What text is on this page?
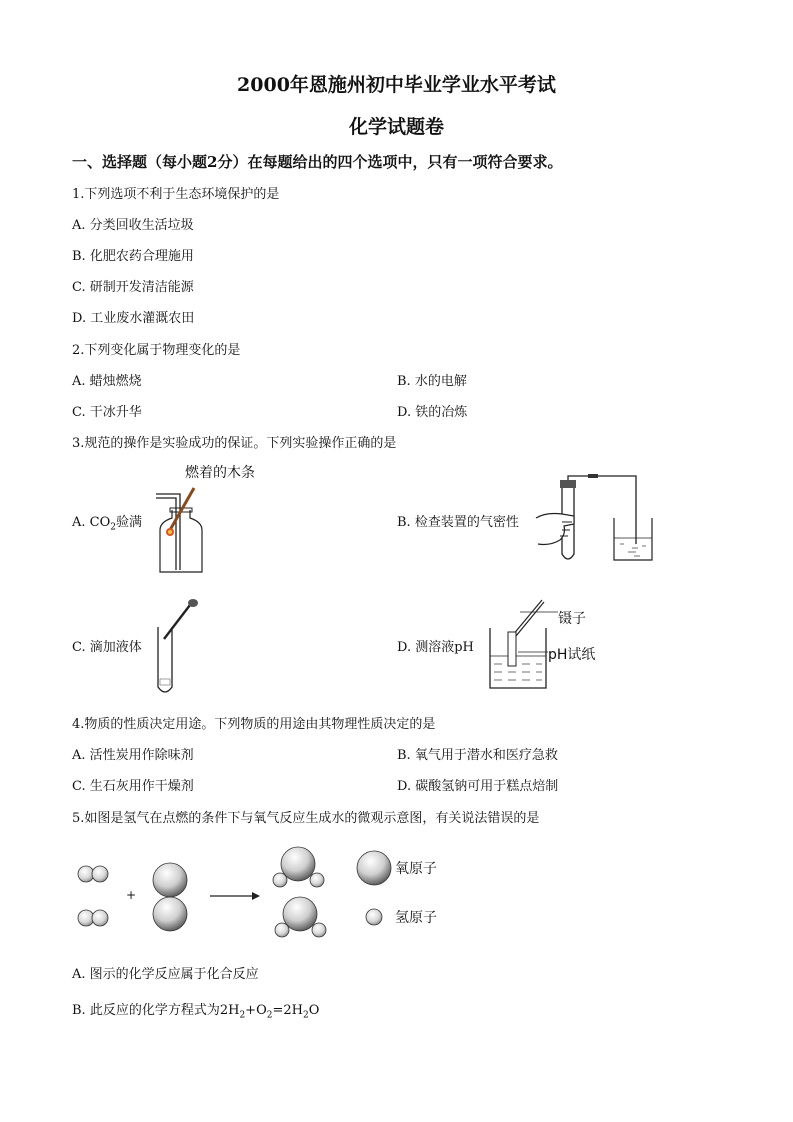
2000年恩施州初中毕业学业水平考试
化学试题卷
一、选择题（每小题2分）在每题给出的四个选项中，只有一项符合要求。
1.下列选项不利于生态环境保护的是
A. 分类回收生活垃圾
B. 化肥农药合理施用
C. 研制开发清洁能源
D. 工业废水灌溉农田
2.下列变化属于物理变化的是
A. 蜡烛燃烧	B. 水的电解
C. 干冰升华	D. 铁的冶炼
3.规范的操作是实验成功的保证。下列实验操作正确的是
A. $CO_2$验满
燃着的木条
B. 检查装置的气密性
C. 滴加液体	D. 测溶液pH
镊子
pH试纸
4.物质的性质决定用途。下列物质的用途由其物理性质决定的是
A. 活性炭用作除味剂	B. 氧气用于潜水和医疗急救
C. 生石灰用作干燥剂	D. 碳酸氢钠可用于糕点焙制
5.如图是氢气在点燃的条件下与氧气反应生成水的微观示意图，有关说法错误的是
+
氧原子
氢原子
A. 图示的化学反应属于化合反应
B. 此反应的化学方程式为$2H_2+O_2=2H_2O$
